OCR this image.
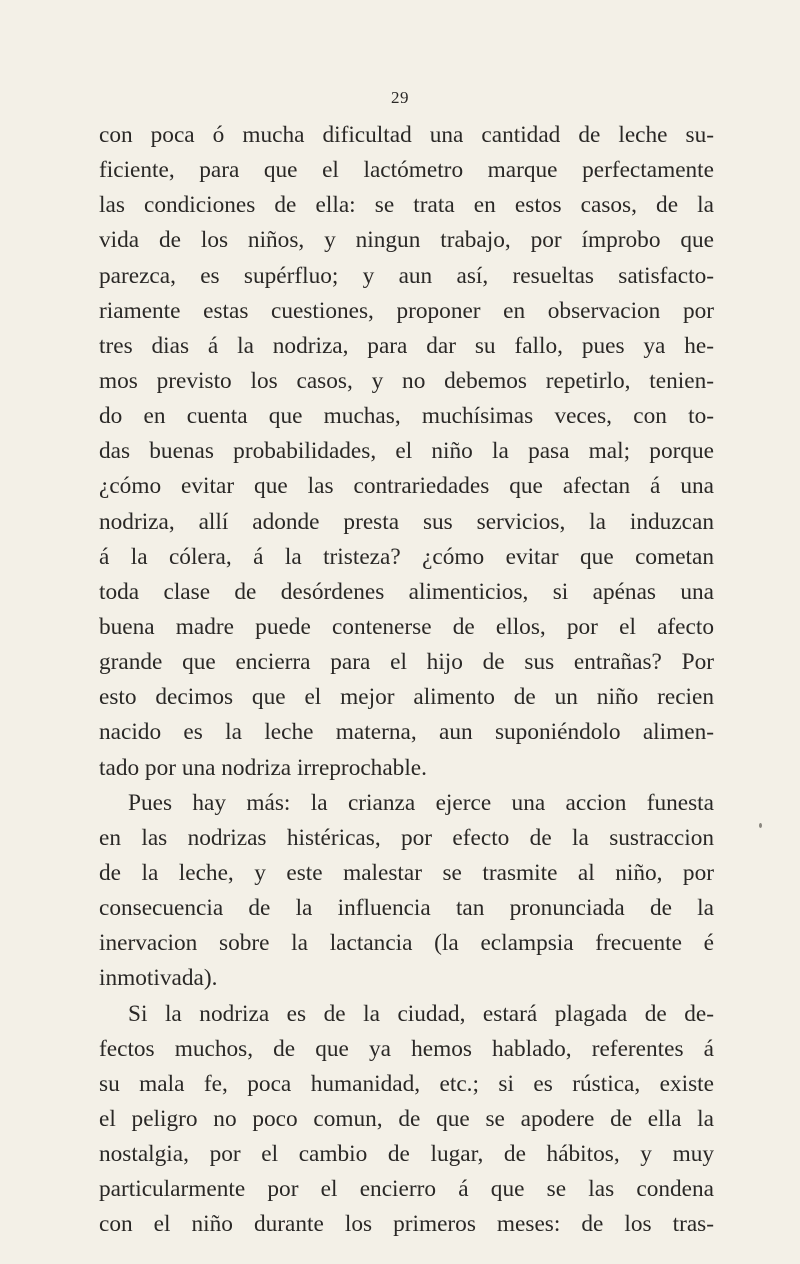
29
con poca ó mucha dificultad una cantidad de leche su-
ficiente, para que el lactómetro marque perfectamente
las condiciones de ella: se trata en estos casos, de la
vida de los niños, y ningun trabajo, por ímprobo que
parezca, es supérfluo; y aun así, resueltas satisfacto-
riamente estas cuestiones, proponer en observacion por
tres dias á la nodriza, para dar su fallo, pues ya he-
mos previsto los casos, y no debemos repetirlo, tenien-
do en cuenta que muchas, muchísimas veces, con to-
das buenas probabilidades, el niño la pasa mal; porque
¿cómo evitar que las contrariedades que afectan á una
nodriza, allí adonde presta sus servicios, la induzcan
á la cólera, á la tristeza? ¿cómo evitar que cometan
toda clase de desórdenes alimenticios, si apénas una
buena madre puede contenerse de ellos, por el afecto
grande que encierra para el hijo de sus entrañas? Por
esto decimos que el mejor alimento de un niño recien
nacido es la leche materna, aun suponiéndolo alimen-
tado por una nodriza irreprochable.
Pues hay más: la crianza ejerce una accion funesta
en las nodrizas histéricas, por efecto de la sustraccion
de la leche, y este malestar se trasmite al niño, por
consecuencia de la influencia tan pronunciada de la
inervacion sobre la lactancia (la eclampsia frecuente é
inmotivada).
Si la nodriza es de la ciudad, estará plagada de de-
fectos muchos, de que ya hemos hablado, referentes á
su mala fe, poca humanidad, etc.; si es rústica, existe
el peligro no poco comun, de que se apodere de ella la
nostalgia, por el cambio de lugar, de hábitos, y muy
particularmente por el encierro á que se las condena
con el niño durante los primeros meses: de los tras-
